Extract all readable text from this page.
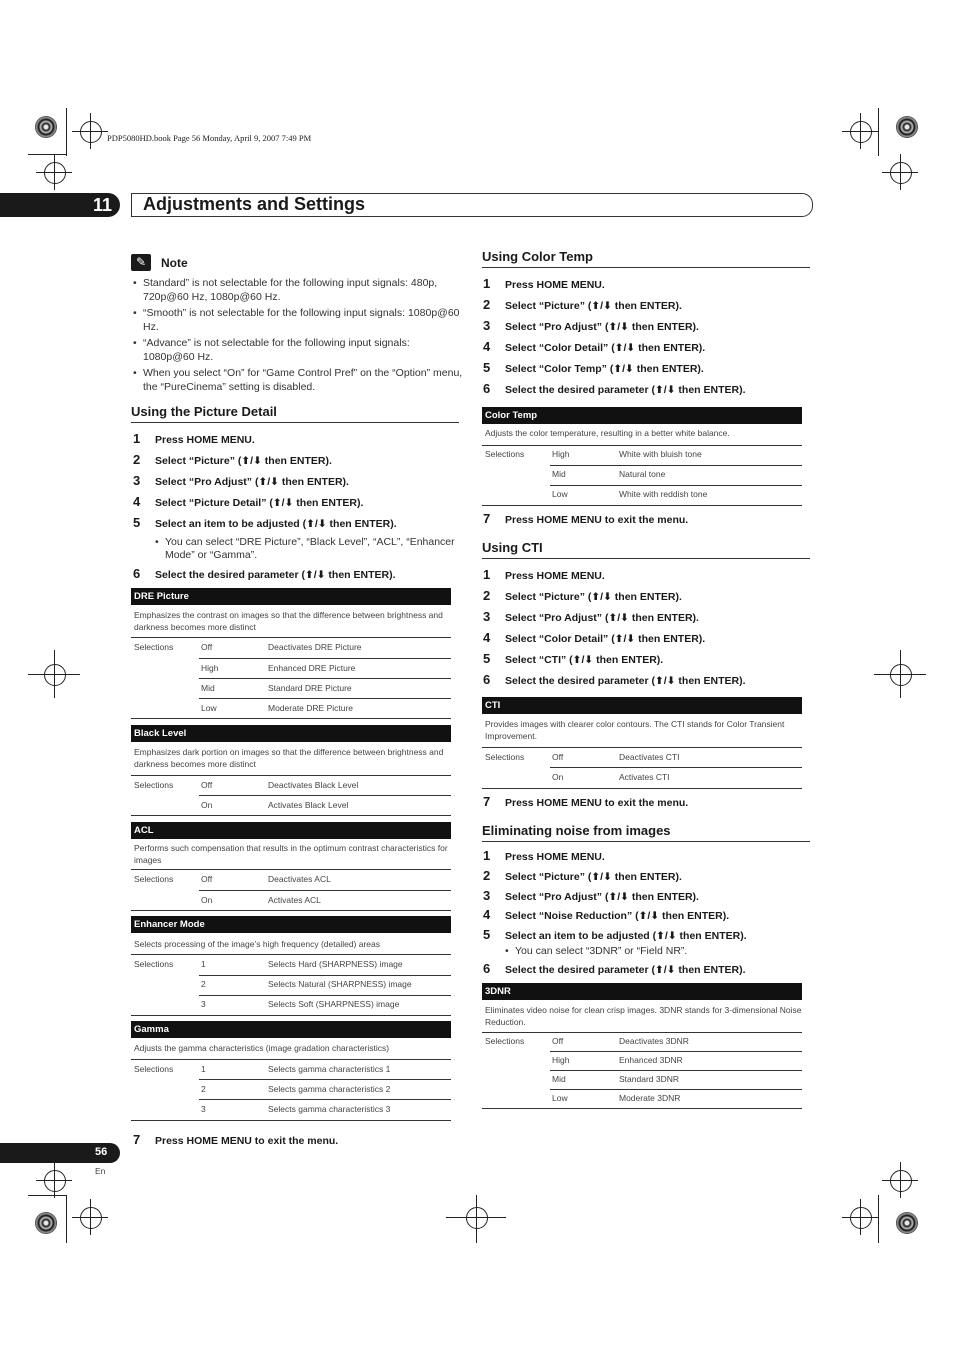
PDP5080HD.book Page 56 Monday, April 9, 2007 7:49 PM
11 Adjustments and Settings
✎	Note
• Standard” is not selectable for the following input signals: 480p, 720p@60 Hz, 1080p@60 Hz.
• “Smooth” is not selectable for the following input signals: 1080p@60 Hz.
• “Advance” is not selectable for the following input signals: 1080p@60 Hz.
• When you select “On” for “Game Control Pref” on the “Option” menu, the “PureCinema” setting is disabled.
Using the Picture Detail
1 Press HOME MENU.
2 Select “Picture” (⬆/⬇ then ENTER).
3 Select “Pro Adjust” (⬆/⬇ then ENTER).
4 Select “Picture Detail” (⬆/⬇ then ENTER).
5 Select an item to be adjusted (⬆/⬇ then ENTER).
• You can select “DRE Picture”, “Black Level”, “ACL”, “Enhancer Mode” or “Gamma”.
6 Select the desired parameter (⬆/⬇ then ENTER).
DRE Picture
Emphasizes the contrast on images so that the difference between brightness and darkness becomes more distinct
Selections	Off	Deactivates DRE Picture
High	Enhanced DRE Picture
Mid	Standard DRE Picture
Low	Moderate DRE Picture
Black Level
Emphasizes dark portion on images so that the difference between brightness and darkness becomes more distinct
Selections	Off	Deactivates Black Level
On	Activates Black Level
ACL
Performs such compensation that results in the optimum contrast characteristics for images
Selections	Off	Deactivates ACL
On	Activates ACL
Enhancer Mode
Selects processing of the image’s high frequency (detailed) areas
Selections	1	Selects Hard (SHARPNESS) image
2	Selects Natural (SHARPNESS) image
3	Selects Soft (SHARPNESS) image
Gamma
Adjusts the gamma characteristics (image gradation characteristics)
Selections	1	Selects gamma characteristics 1
2	Selects gamma characteristics 2
3	Selects gamma characteristics 3
7 Press HOME MENU to exit the menu.
Using Color Temp
1 Press HOME MENU.
2 Select “Picture” (⬆/⬇ then ENTER).
3 Select “Pro Adjust” (⬆/⬇ then ENTER).
4 Select “Color Detail” (⬆/⬇ then ENTER).
5 Select “Color Temp” (⬆/⬇ then ENTER).
6 Select the desired parameter (⬆/⬇ then ENTER).
Color Temp
Adjusts the color temperature, resulting in a better white balance.
Selections	High	White with bluish tone
Mid	Natural tone
Low	White with reddish tone
7 Press HOME MENU to exit the menu.
Using CTI
1 Press HOME MENU.
2 Select “Picture” (⬆/⬇ then ENTER).
3 Select “Pro Adjust” (⬆/⬇ then ENTER).
4 Select “Color Detail” (⬆/⬇ then ENTER).
5 Select “CTI” (⬆/⬇ then ENTER).
6 Select the desired parameter (⬆/⬇ then ENTER).
CTI
Provides images with clearer color contours. The CTI stands for Color Transient Improvement.
Selections	Off	Deactivates CTI
On	Activates CTI
7 Press HOME MENU to exit the menu.
Eliminating noise from images
1 Press HOME MENU.
2 Select “Picture” (⬆/⬇ then ENTER).
3 Select “Pro Adjust” (⬆/⬇ then ENTER).
4 Select “Noise Reduction” (⬆/⬇ then ENTER).
5 Select an item to be adjusted (⬆/⬇ then ENTER).
• You can select “3DNR” or “Field NR”.
6 Select the desired parameter (⬆/⬇ then ENTER).
3DNR
Eliminates video noise for clean crisp images. 3DNR stands for 3-dimensional Noise Reduction.
Selections	Off	Deactivates 3DNR
High	Enhanced 3DNR
Mid	Standard 3DNR
Low	Moderate 3DNR
56
En
